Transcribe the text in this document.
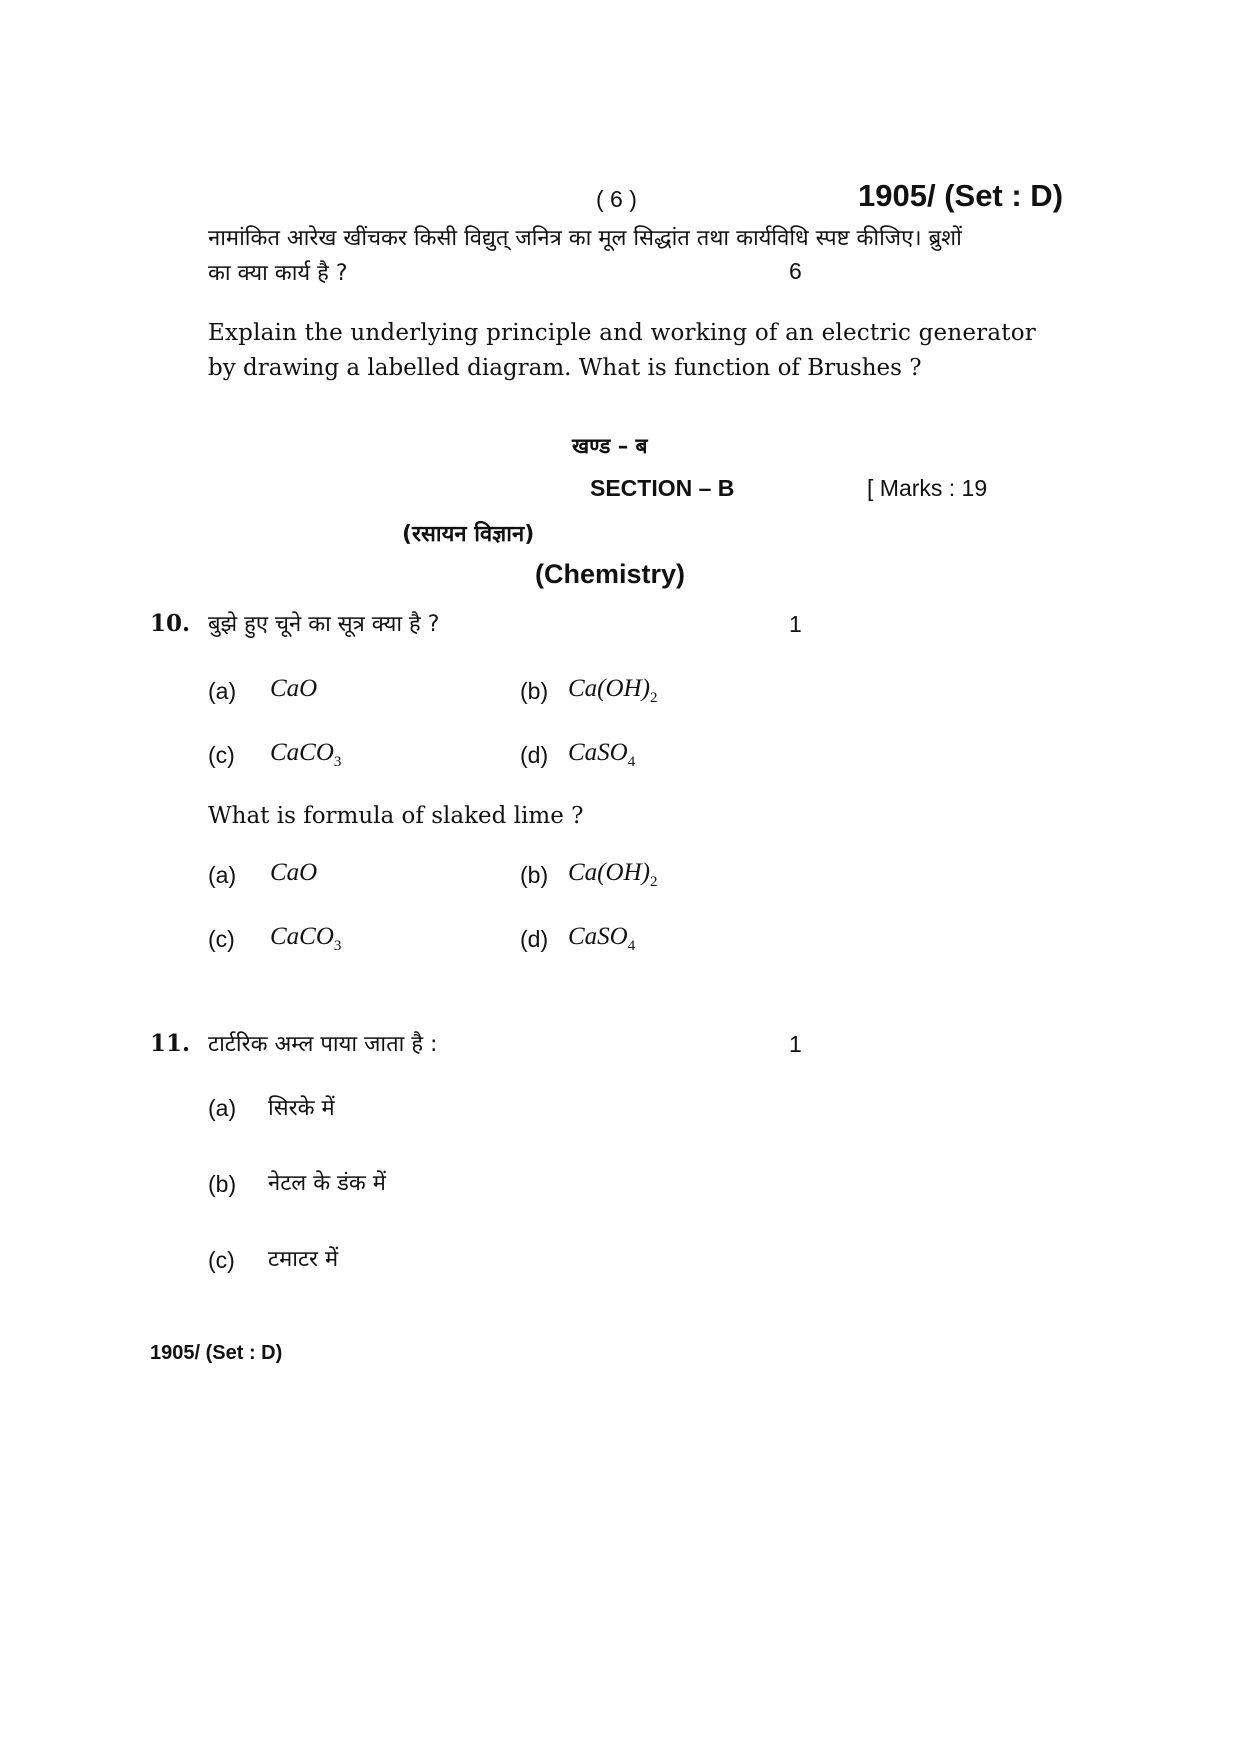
( 6 )	1905/ (Set : D)
नामांकित आरेख खींचकर किसी विद्युत् जनित्र का मूल सिद्धांत तथा कार्यविधि स्पष्ट कीजिए। ब्रुशों
का क्या कार्य है ?	6
Explain the underlying principle and working of an electric generator
by drawing a labelled diagram. What is function of Brushes ?
खण्ड – ब
SECTION – B	[ Marks : 19
(रसायन विज्ञान)
(Chemistry)
10. बुझे हुए चूने का सूत्र क्या है ?	1
(a) CaO	(b) $Ca(OH)_2$
(c) CaCO$_3$	(d) CaSO$_4$
What is formula of slaked lime ?
(a) CaO	(b) $Ca(OH)_2$
(c) CaCO$_3$	(d) CaSO$_4$
11. टार्टरिक अम्ल पाया जाता है :	1
(a) सिरके में
(b) नेटल के डंक में
(c) टमाटर में
1905/ (Set : D)
